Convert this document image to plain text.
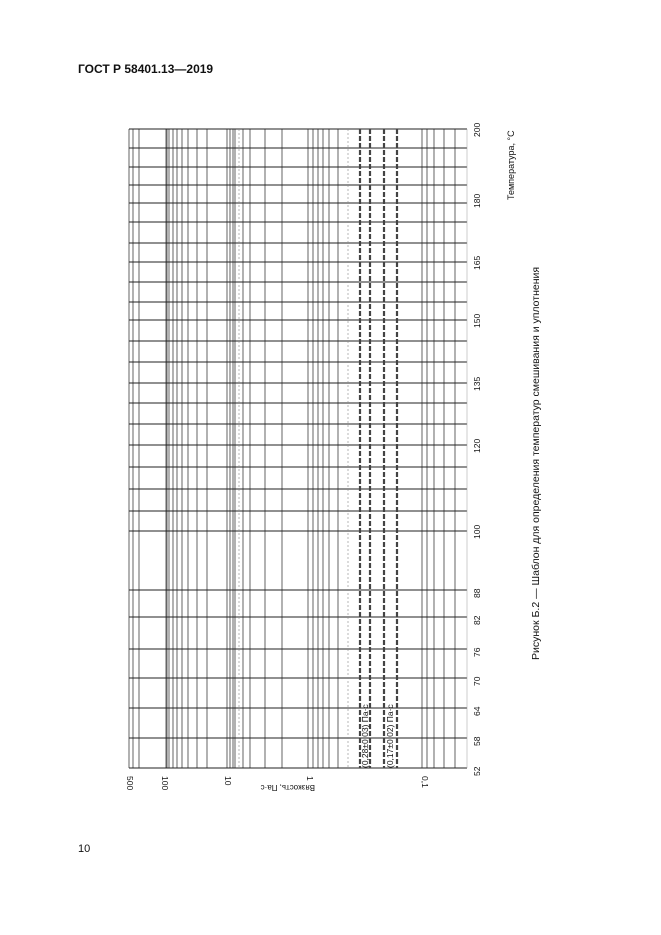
ГОСТ Р 58401.13—2019
Температура, °С
Вязкость, Па·с
Рисунок Б.2 — Шаблон для определения температур смешивания и уплотнения
200
180
165
150
135
120
100
88
82
76
70
64
58
52
500	100	10	1	0,1
(0,28±0,03) Па·с (0,17±0,02) Па·с
10
